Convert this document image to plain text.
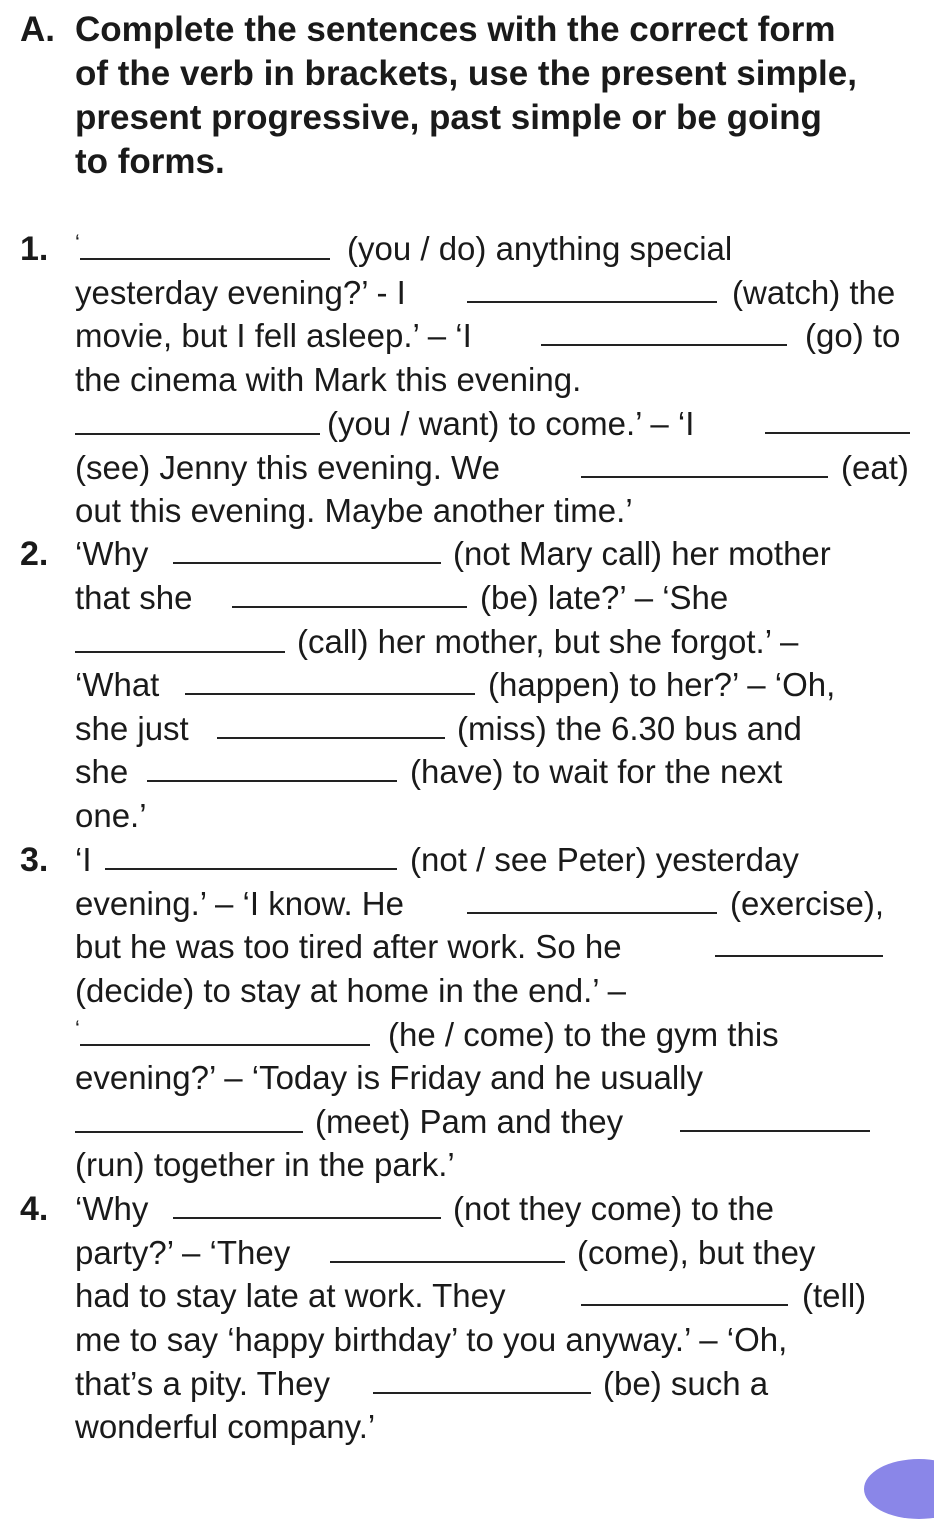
A. Complete the sentences with the correct form
of the verb in brackets, use the present simple,
present progressive, past simple or be going
to forms.
1. ‘	(you / do) anything special
yesterday evening?’ - I	(watch) the
movie, but I fell asleep.’ – ‘I	(go) to
the cinema with Mark this evening.
(you / want) to come.’ – ‘I
(see) Jenny this evening. We	(eat)
out this evening. Maybe another time.’
2. ‘Why	(not Mary call) her mother
that she	(be) late?’ – ‘She
(call) her mother, but she forgot.’ –
‘What	(happen) to her?’ – ‘Oh,
she just	(miss) the 6.30 bus and
she	(have) to wait for the next
one.’
3. ‘I	(not / see Peter) yesterday
evening.’ – ‘I know. He	(exercise),
but he was too tired after work. So he
(decide) to stay at home in the end.’ –
‘	(he / come) to the gym this
evening?’ – ‘Today is Friday and he usually
(meet) Pam and they
(run) together in the park.’
4. ‘Why	(not they come) to the
party?’ – ‘They	(come), but they
had to stay late at work. They	(tell)
me to say ‘happy birthday’ to you anyway.’ – ‘Oh,
that’s a pity. They	(be) such a
wonderful company.’
